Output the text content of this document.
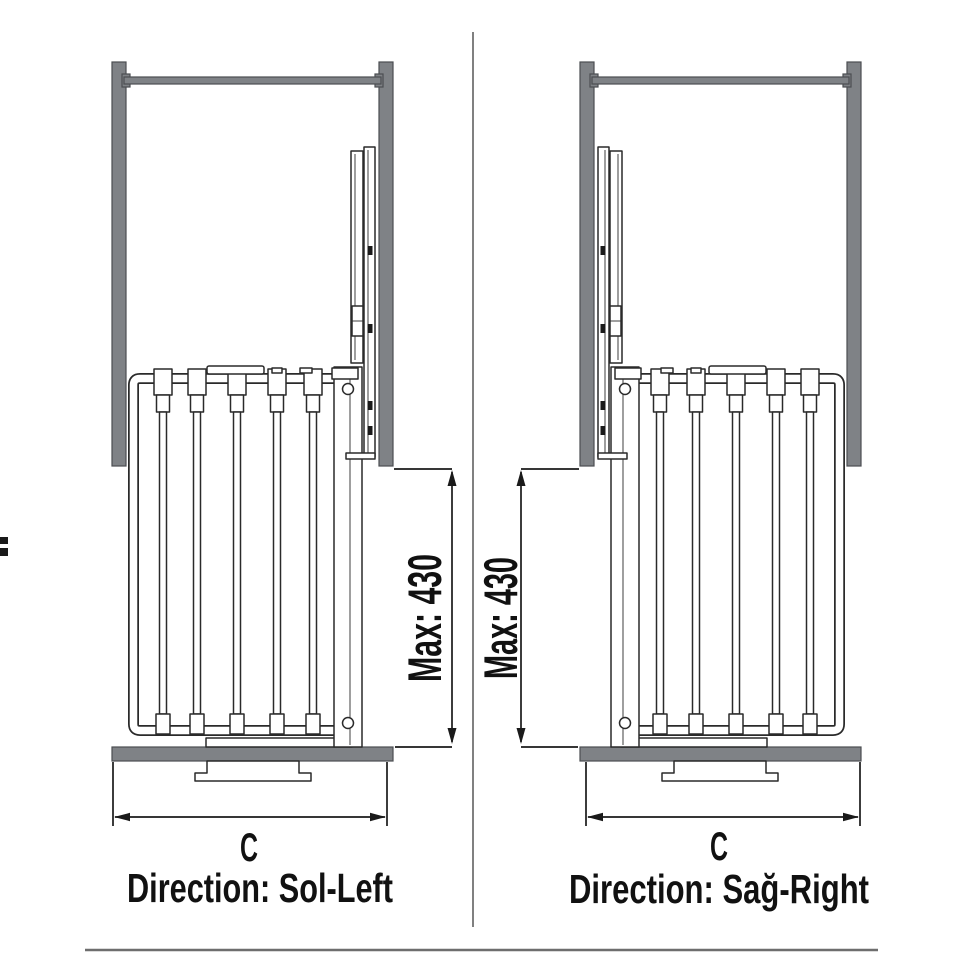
Max: 430 Max: 430
C	C
Direction: Sol-Left	Direction: Sağ-Right
